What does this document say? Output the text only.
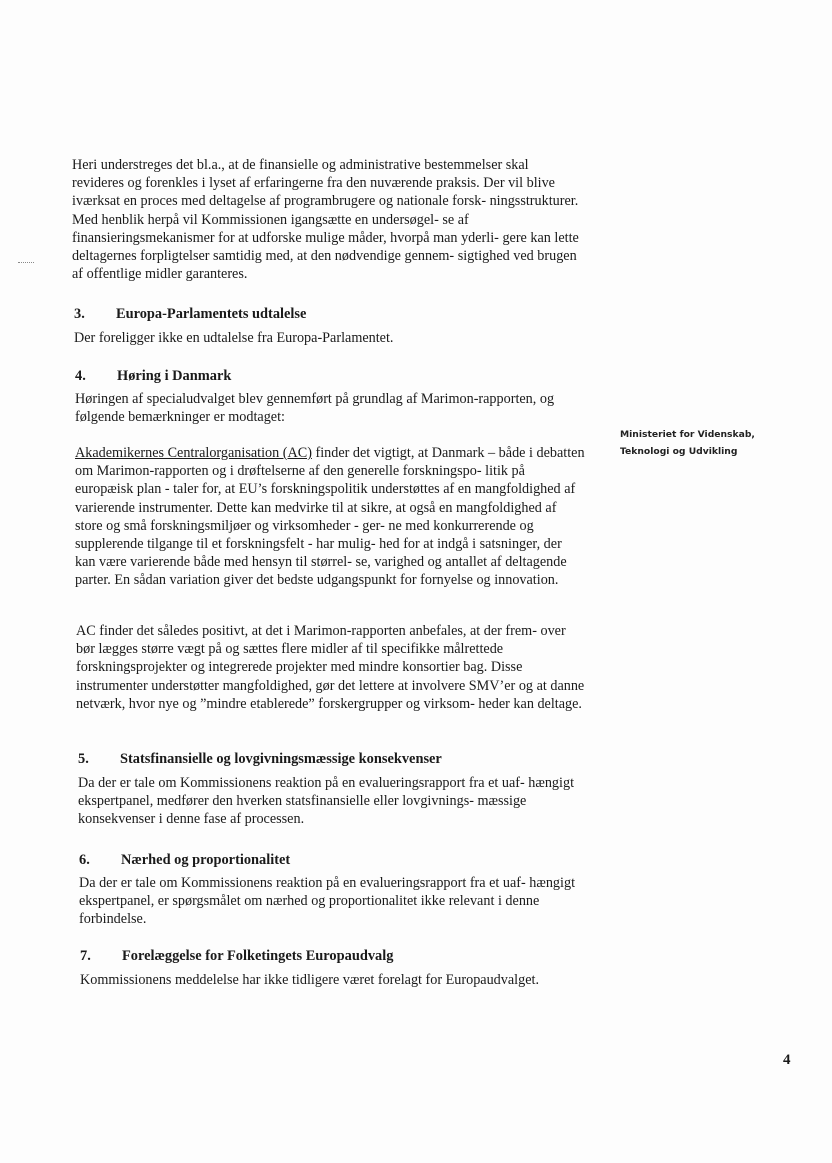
Heri understreges det bl.a., at de finansielle og administrative bestemmelser skal revideres og forenkles i lyset af erfaringerne fra den nuværende praksis. Der vil blive iværksat en proces med deltagelse af programbrugere og nationale forsk- ningsstrukturer. Med henblik herpå vil Kommissionen igangsætte en undersøgel- se af finansieringsmekanismer for at udforske mulige måder, hvorpå man yderli- gere kan lette deltagernes forpligtelser samtidig med, at den nødvendige gennem- sigtighed ved brugen af offentlige midler garanteres.
3. Europa-Parlamentets udtalelse
Der foreligger ikke en udtalelse fra Europa-Parlamentet.
4. Høring i Danmark
Høringen af specialudvalget blev gennemført på grundlag af Marimon-rapporten, og følgende bemærkninger er modtaget:
Akademikernes Centralorganisation (AC) finder det vigtigt, at Danmark – både i debatten om Marimon-rapporten og i drøftelserne af den generelle forskningspo- litik på europæisk plan - taler for, at EU’s forskningspolitik understøttes af en mangfoldighed af varierende instrumenter. Dette kan medvirke til at sikre, at også en mangfoldighed af store og små forskningsmiljøer og virksomheder - ger- ne med konkurrerende og supplerende tilgange til et forskningsfelt - har mulig- hed for at indgå i satsninger, der kan være varierende både med hensyn til størrel- se, varighed og antallet af deltagende parter. En sådan variation giver det bedste udgangspunkt for fornyelse og innovation.
AC finder det således positivt, at det i Marimon-rapporten anbefales, at der frem- over bør lægges større vægt på og sættes flere midler af til specifikke målrettede forskningsprojekter og integrerede projekter med mindre konsortier bag. Disse instrumenter understøtter mangfoldighed, gør det lettere at involvere SMV’er og at danne netværk, hvor nye og ”mindre etablerede” forskergrupper og virksom- heder kan deltage.
5. Statsfinansielle og lovgivningsmæssige konsekvenser
Da der er tale om Kommissionens reaktion på en evalueringsrapport fra et uaf- hængigt ekspertpanel, medfører den hverken statsfinansielle eller lovgivnings- mæssige konsekvenser i denne fase af processen.
6. Nærhed og proportionalitet
Da der er tale om Kommissionens reaktion på en evalueringsrapport fra et uaf- hængigt ekspertpanel, er spørgsmålet om nærhed og proportionalitet ikke relevant i denne forbindelse.
7. Forelæggelse for Folketingets Europaudvalg
Kommissionens meddelelse har ikke tidligere været forelagt for Europaudvalget.
Ministeriet for Videnskab,
Teknologi og Udvikling
4
